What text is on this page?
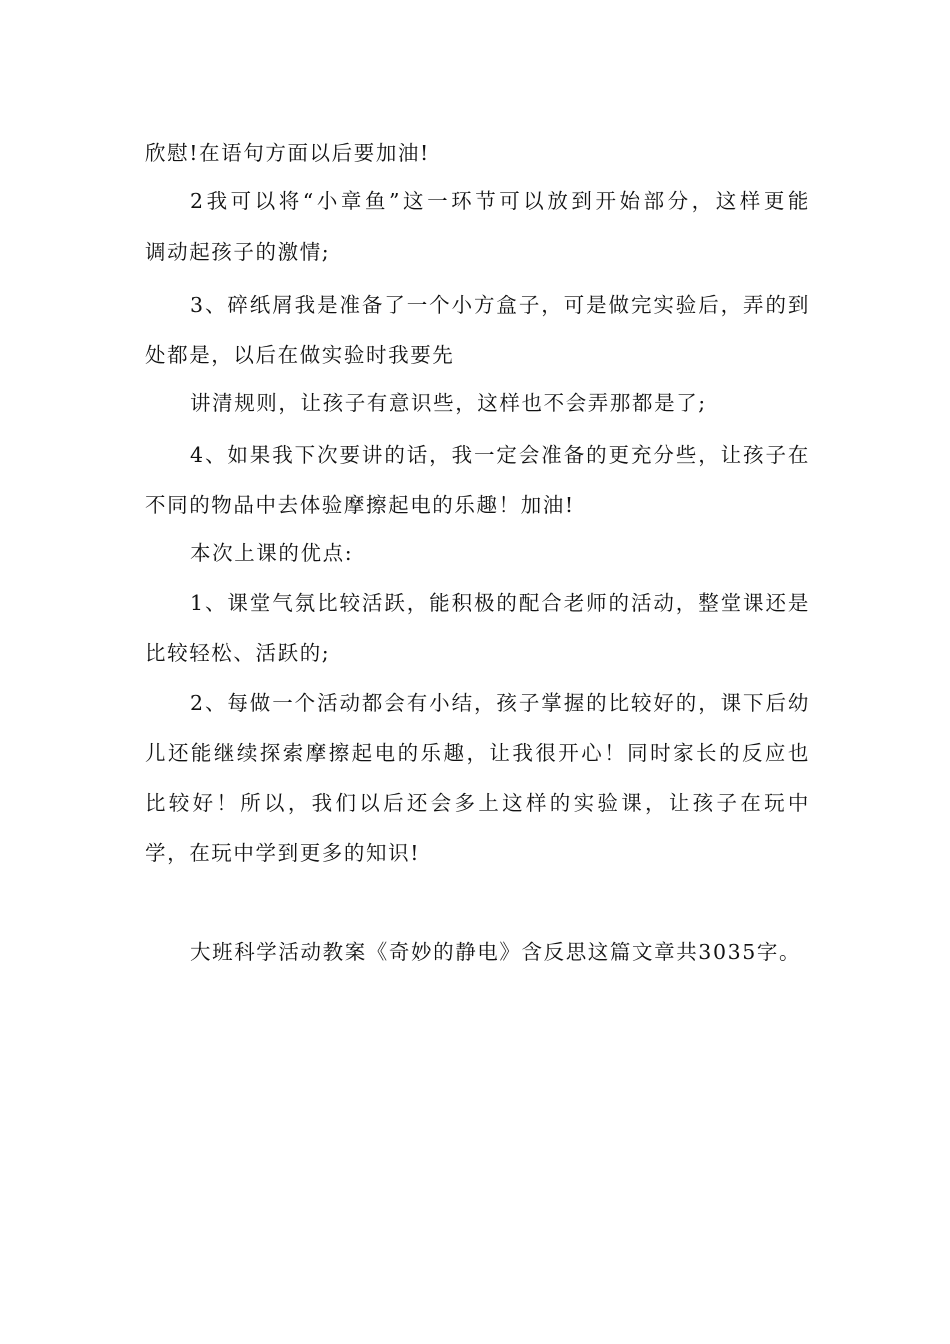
欣慰!在语句方面以后要加油!
2我可以将“小章鱼”这一环节可以放到开始部分，这样更能
调动起孩子的激情;
3、碎纸屑我是准备了一个小方盒子，可是做完实验后，弄的到
处都是，以后在做实验时我要先
讲清规则，让孩子有意识些，这样也不会弄那都是了;
4、如果我下次要讲的话，我一定会准备的更充分些，让孩子在
不同的物品中去体验摩擦起电的乐趣！加油!
本次上课的优点:
1、课堂气氛比较活跃，能积极的配合老师的活动，整堂课还是
比较轻松、活跃的;
2、每做一个活动都会有小结，孩子掌握的比较好的，课下后幼
儿还能继续探索摩擦起电的乐趣，让我很开心！同时家长的反应也
比较好！所以，我们以后还会多上这样的实验课，让孩子在玩中
学，在玩中学到更多的知识!
大班科学活动教案《奇妙的静电》含反思这篇文章共3035字。
